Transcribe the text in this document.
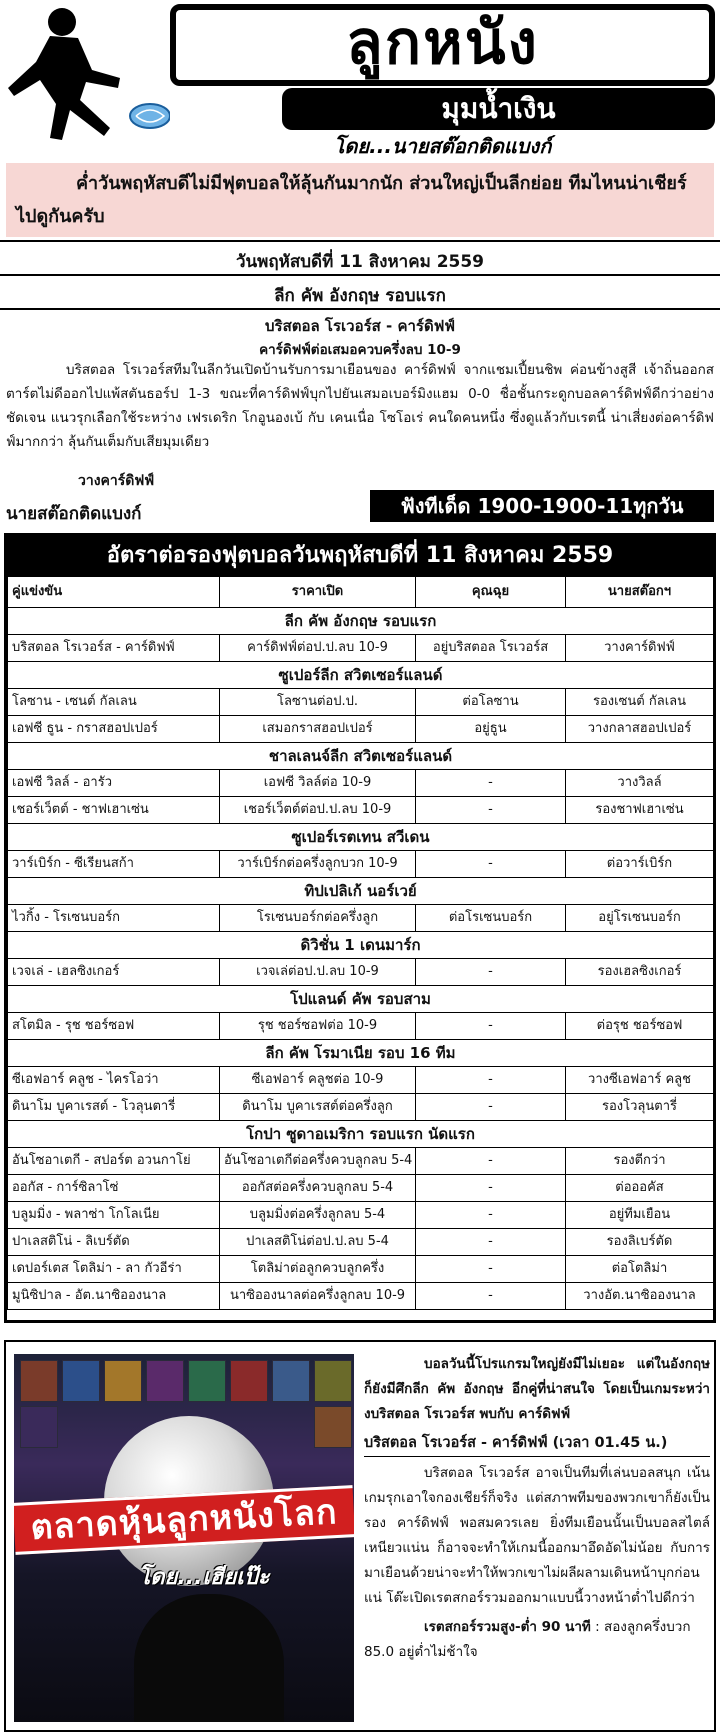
ลูกหนัง
มุมน้ำเงิน
โดย...นายสต๊อกติดแบงก์
ค่ำวันพฤหัสบดีไม่มีฟุตบอลให้ลุ้นกันมากนัก ส่วนใหญ่เป็นลีกย่อย ทีมไหนน่าเชียร์ไปดูกันครับ
วันพฤหัสบดีที่ 11 สิงหาคม 2559
ลีก คัพ อังกฤษ รอบแรก
บริสตอล โรเวอร์ส - คาร์ดิฟฟ์
คาร์ดิฟฟ์ต่อเสมอควบครึ่งลบ 10-9
บริสตอล โรเวอร์สทีมในลีกวันเปิดบ้านรับการมาเยือนของ คาร์ดิฟฟ์ จากแชมเปี้ยนชิพ ค่อนข้างสูสี เจ้าถิ่นออกสตาร์ตไม่ดีออกไปแพ้สตันธอร์ป 1-3 ขณะที่คาร์ดิฟฟ์บุกไปยันเสมอเบอร์มิงแฮม 0-0 ชื่อชั้นกระดูกบอลคาร์ดิฟฟ์ดีกว่าอย่างชัดเจน แนวรุกเลือกใช้ระหว่าง เฟรเดริก โกอูนองเบ้ กับ เคนเนื่อ โซโอเร่ คนใดคนหนึ่ง ซึ่งดูแล้วกับเรตนี้ น่าเสี่ยงต่อคาร์ดิฟฟ์มากกว่า ลุ้นกันเต็มกับเสียมุมเดียว
วางคาร์ดิฟฟ์
นายสต๊อกติดแบงก์	ฟังทีเด็ด 1900-1900-11ทุกวัน
อัตราต่อรองฟุตบอลวันพฤหัสบดีที่ 11 สิงหาคม 2559
คู่แข่งขัน	ราคาเปิด	คุณฉุย	นายสต๊อกฯ
ลีก คัพ อังกฤษ รอบแรก			
บริสตอล โรเวอร์ส - คาร์ดิฟฟ์	คาร์ดิฟฟ์ต่อป.ป.ลบ 10-9	อยู่บริสตอล โรเวอร์ส	วางคาร์ดิฟฟ์
ซูเปอร์ลีก สวิตเซอร์แลนด์			
โลซาน - เซนต์ กัลเลน	โลซานต่อป.ป.	ต่อโลซาน	รองเซนต์ กัลเลน
เอฟซี ธูน - กราสฮอปเปอร์	เสมอกราสฮอปเปอร์	อยู่ธูน	วางกลาสฮอปเปอร์
ชาลเลนจ์ลีก สวิตเซอร์แลนด์			
เอฟซี วิลล์ - อารัว	เอฟซี วิลล์ต่อ 10-9	-	วางวิลล์
เชอร์เว็ตต์ - ชาฟเฮาเซ่น	เชอร์เว็ตต์ต่อป.ป.ลบ 10-9	-	รองชาฟเฮาเซ่น
ซูเปอร์เรตเทน สวีเดน			
วาร์เบิร์ก - ซีเรียนสก้า	วาร์เบิร์กต่อครึ่งลูกบวก 10-9	-	ต่อวาร์เบิร์ก
ทิปเปลิเก้ นอร์เวย์			
ไวกิ้ง - โรเซนบอร์ก	โรเซนบอร์กต่อครึ่งลูก	ต่อโรเซนบอร์ก	อยู่โรเซนบอร์ก
ดิวิชั่น 1 เดนมาร์ก			
เวจเล่ - เฮลซิงเกอร์	เวจเล่ต่อป.ป.ลบ 10-9	-	รองเฮลซิงเกอร์
โปแลนด์ คัพ รอบสาม			
สโตมิล - รุช ชอร์ซอฟ	รุช ชอร์ซอฟต่อ 10-9	-	ต่อรุช ชอร์ซอฟ
ลีก คัพ โรมาเนีย รอบ 16 ทีม			
ซีเอฟอาร์ คลูช - ไครโอว่า	ซีเอฟอาร์ คลูชต่อ 10-9	-	วางซีเอฟอาร์ คลูช
ดินาโม บูคาเรสต์ - โวลุนตารี่	ดินาโม บูคาเรสต์ต่อครึ่งลูก	-	รองโวลุนตารี่
โกปา ซูดาอเมริกา รอบแรก นัดแรก			
อันโซอาเตกี - สปอร์ต อวนกาโย่	อันโซอาเตกีต่อครึ่งควบลูกลบ 5-4	-	รองตีกว่า
ออกัส - การ์ซิลาโซ่	ออกัสต่อครึ่งควบลูกลบ 5-4	-	ต่อออคัส
บลูมมิ่ง - พลาซ่า โกโลเนีย	บลูมมิ่งต่อครึ่งลูกลบ 5-4	-	อยู่ทีมเยือน
ปาเลสติโน่ - ลิเบร์ตัด	ปาเลสติโน่ต่อป.ป.ลบ 5-4	-	รองลิเบร์ตัด
เดปอร์เตส โตลิม่า - ลา กัวอีร่า	โตลิม่าต่อลูกควบลูกครึ่ง	-	ต่อโตลิม่า
มูนิซิปาล - อัต.นาซิอองนาล	นาซิอองนาลต่อครึ่งลูกลบ 10-9	-	วางอัต.นาซิอองนาล
ตลาดหุ้นลูกหนังโลก
โดย...เฮียเป๊ะ

บอลวันนี้โปรแกรมใหญ่ยังมีไม่เยอะ แต่ในอังกฤษก็ยังมีศึกลีก คัพ อังกฤษ อีกคู่ที่น่าสนใจ โดยเป็นเกมระหว่างบริสตอล โรเวอร์ส พบกับ คาร์ดิฟฟ์

บริสตอล โรเวอร์ส - คาร์ดิฟฟ์ (เวลา 01.45 น.)

บริสตอล โรเวอร์ส อาจเป็นทีมที่เล่นบอลสนุก เน้นเกมรุกเอาใจกองเชียร์ก็จริง แต่สภาพทีมของพวกเขาก็ยังเป็นรอง คาร์ดิฟฟ์ พอสมควรเลย ยิ่งทีมเยือนนั้นเป็นบอลสไตล์เหนียวแน่น ก็อาจจะทำให้เกมนี้ออกมาอึดอัดไม่น้อย กับการมาเยือนด้วยน่าจะทำให้พวกเขาไม่ผลีผลามเดินหน้าบุกก่อนแน่ โต๊ะเปิดเรตสกอร์รวมออกมาแบบนี้วางหน้าต่ำไปดีกว่า

เรตสกอร์รวมสูง-ต่ำ 90 นาที : สองลูกครึ่งบวก 85.0 อยู่ต่ำไม่ช้าใจ
